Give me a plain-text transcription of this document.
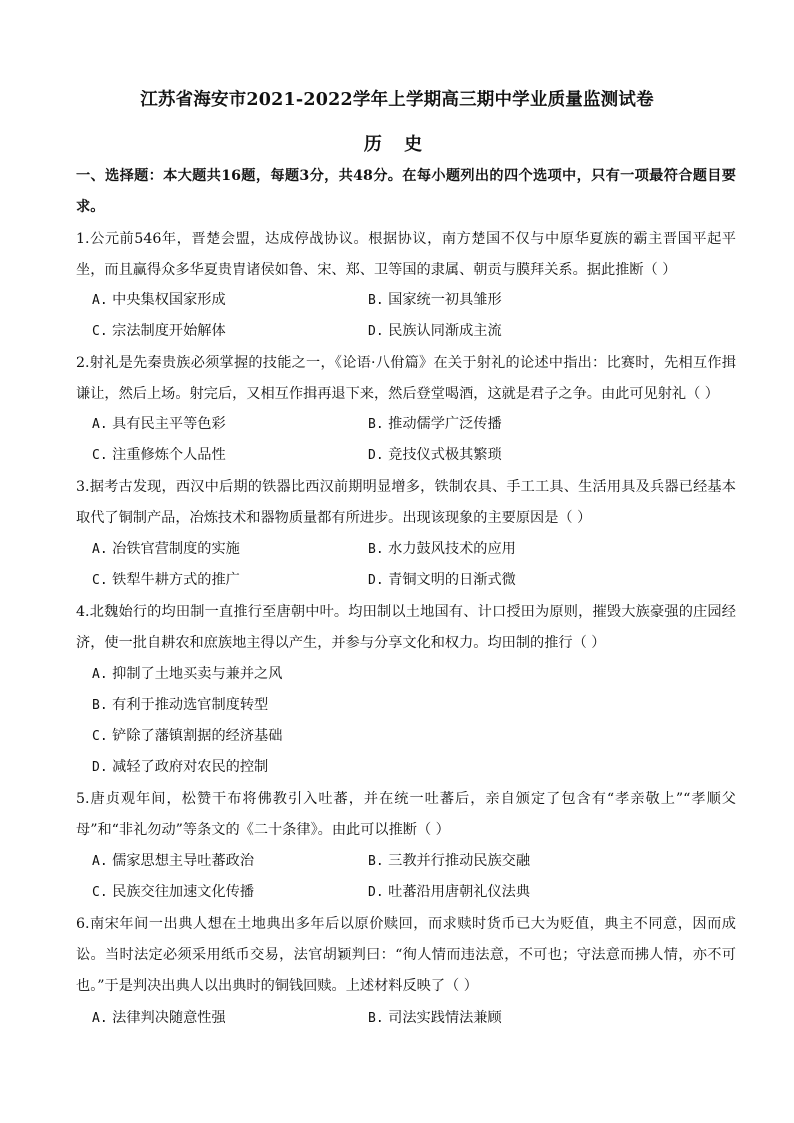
江苏省海安市2021-2022学年上学期高三期中学业质量监测试卷
历 史
一、选择题：本大题共16题，每题3分，共48分。在每小题列出的四个选项中，只有一项最符合题目要求。
1.公元前546年，晋楚会盟，达成停战协议。根据协议，南方楚国不仅与中原华夏族的霸主晋国平起平坐，而且赢得众多华夏贵胄诸侯如鲁、宋、郑、卫等国的隶属、朝贡与膜拜关系。据此推断（ ）
A. 中央集权国家形成	B. 国家统一初具雏形
C. 宗法制度开始解体	D. 民族认同渐成主流
2.射礼是先秦贵族必须掌握的技能之一，《论语·八佾篇》在关于射礼的论述中指出：比赛时，先相互作揖谦让，然后上场。射完后，又相互作揖再退下来，然后登堂喝酒，这就是君子之争。由此可见射礼（ ）
A. 具有民主平等色彩	B. 推动儒学广泛传播
C. 注重修炼个人品性	D. 竞技仪式极其繁琐
3.据考古发现，西汉中后期的铁器比西汉前期明显增多，铁制农具、手工工具、生活用具及兵器已经基本取代了铜制产品，冶炼技术和器物质量都有所进步。出现该现象的主要原因是（ ）
A. 冶铁官营制度的实施	B. 水力鼓风技术的应用
C. 铁犁牛耕方式的推广	D. 青铜文明的日渐式微
4.北魏始行的均田制一直推行至唐朝中叶。均田制以土地国有、计口授田为原则，摧毁大族豪强的庄园经济，使一批自耕农和庶族地主得以产生，并参与分享文化和权力。均田制的推行（ ）
A. 抑制了土地买卖与兼并之风
B. 有利于推动选官制度转型
C. 铲除了藩镇割据的经济基础
D. 减轻了政府对农民的控制
5.唐贞观年间，松赞干布将佛教引入吐蕃，并在统一吐蕃后，亲自颁定了包含有“孝亲敬上”“孝顺父母”和“非礼勿动”等条文的《二十条律》。由此可以推断（ ）
A. 儒家思想主导吐蕃政治	B. 三教并行推动民族交融
C. 民族交往加速文化传播	D. 吐蕃沿用唐朝礼仪法典
6.南宋年间一出典人想在土地典出多年后以原价赎回，而求赎时货币已大为贬值，典主不同意，因而成讼。当时法定必须采用纸币交易，法官胡颖判曰：“徇人情而违法意，不可也；守法意而拂人情，亦不可也。”于是判决出典人以出典时的铜钱回赎。上述材料反映了（ ）
A. 法律判决随意性强	B. 司法实践情法兼顾
